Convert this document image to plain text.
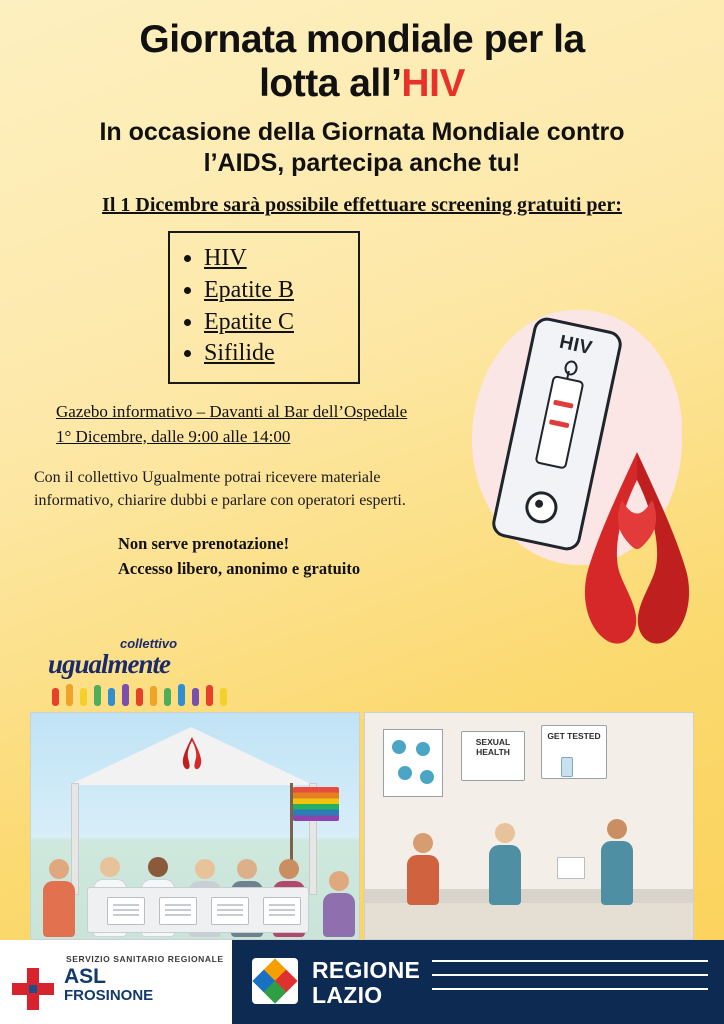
Giornata mondiale per la
lotta all’HIV
In occasione della Giornata Mondiale contro
l’AIDS, partecipa anche tu!
Il 1 Dicembre sarà possibile effettuare screening gratuiti per:
• HIV
• Epatite B
• Epatite C
• Sifilide
Gazebo informativo – Davanti al Bar dell’Ospedale
1° Dicembre, dalle 9:00 alle 14:00
Con il collettivo Ugualmente potrai ricevere materiale informativo, chiarire dubbi e parlare con operatori esperti.
Non serve prenotazione!
Accesso libero, anonimo e gratuito
HIV
collettivo
ugualmente
SEXUAL HEALTH
GET TESTED
SERVIZIO SANITARIO REGIONALE
ASL
FROSINONE
REGIONE
LAZIO
